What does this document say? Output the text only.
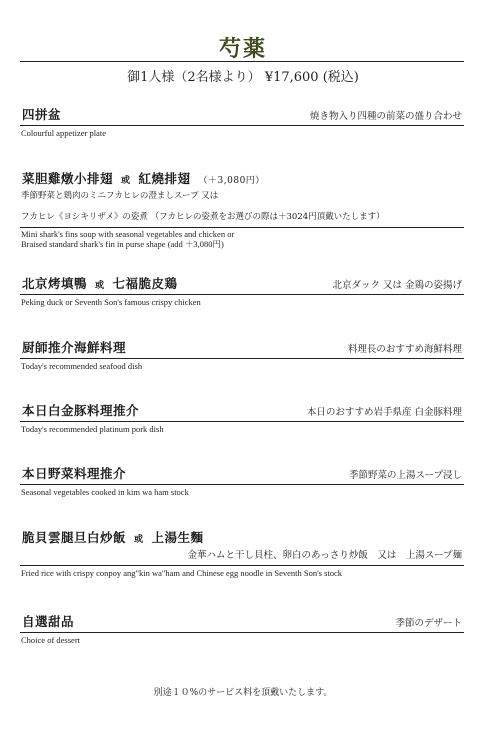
芍薬
御1人様（2名様より） ¥17,600 (税込)
四拼盆	焼き物入り四種の前菜の盛り合わせ
Colourful appetizer plate
菜胆雞燉小排翅 或 紅燒排翅 （＋3,080円）
季節野菜と鶏肉のミニフカヒレの澄ましスープ 又は
フカヒレ《ヨシキリザメ》の姿煮 （フカヒレの姿煮をお選びの際は＋3024円頂戴いたします）
Mini shark's fins soup with seasonal vegetables and chicken or
Braised standard shark's fin in purse shape (add ＋3,080円)
北京烤填鴨 或 七福脆皮鶏	北京ダック 又は 金鶏の姿揚げ
Peking duck or Seventh Son's famous crispy chicken
厨師推介海鮮料理	料理長のおすすめ海鮮料理
Today's recommended seafood dish
本日白金豚料理推介	本日のおすすめ岩手県産 白金豚料理
Today's recommended platinum pork dish
本日野菜料理推介	季節野菜の上湯スープ浸し
Seasonal vegetables cooked in kim wa ham stock
脆貝雲腿旦白炒飯 或 上湯生麵
金華ハムと干し貝柱、卵白のあっさり炒飯　又は　上湯スープ麺
Fried rice with crispy conpoy ang"kin wa"ham and Chinese egg noodle in Seventh Son's stock
自選甜品	季節のデザート
Choice of dessert
別途１０%のサービス料を頂戴いたします。
